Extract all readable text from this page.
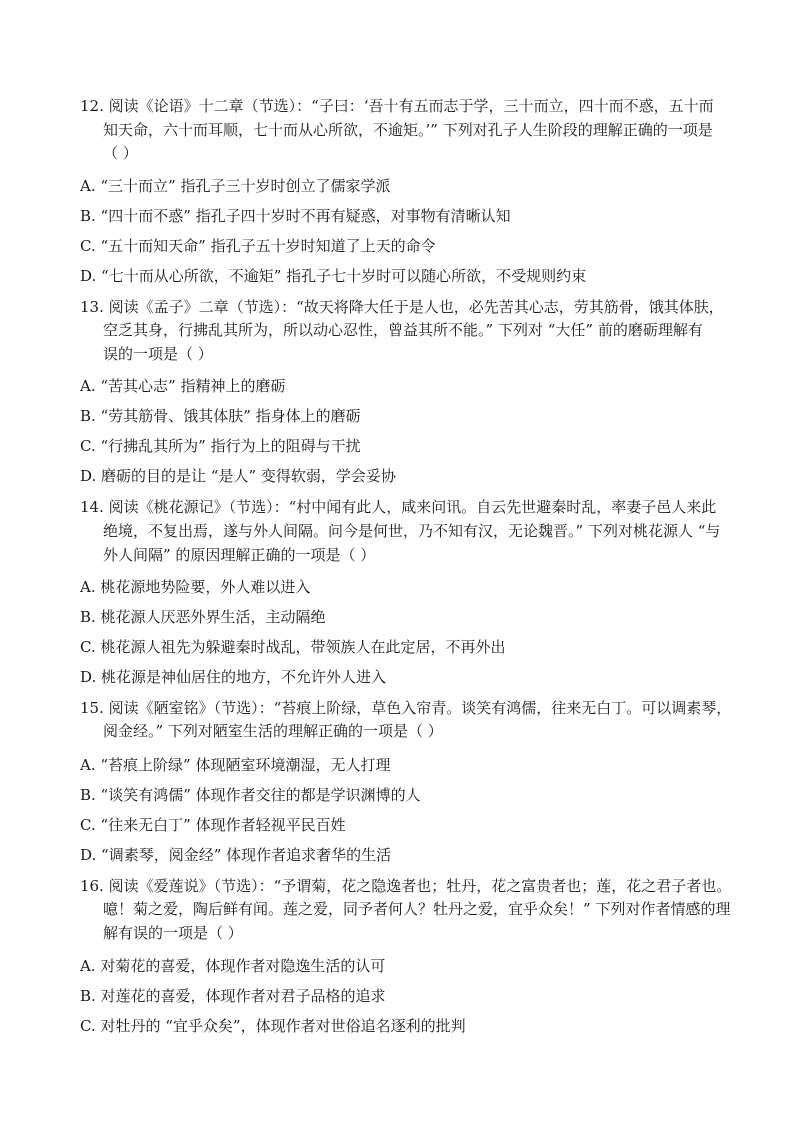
12. 阅读《论语》十二章（节选）：“子曰：‘吾十有五而志于学，三十而立，四十而不惑，五十而
知天命，六十而耳顺，七十而从心所欲，不逾矩。’” 下列对孔子人生阶段的理解正确的一项是
（ ）
A. “三十而立” 指孔子三十岁时创立了儒家学派
B. “四十而不惑” 指孔子四十岁时不再有疑惑，对事物有清晰认知
C. “五十而知天命” 指孔子五十岁时知道了上天的命令
D. “七十而从心所欲，不逾矩” 指孔子七十岁时可以随心所欲，不受规则约束
13. 阅读《孟子》二章（节选）：“故天将降大任于是人也，必先苦其心志，劳其筋骨，饿其体肤，
空乏其身，行拂乱其所为，所以动心忍性，曾益其所不能。” 下列对 “大任” 前的磨砺理解有
误的一项是（ ）
A. “苦其心志” 指精神上的磨砺
B. “劳其筋骨、饿其体肤” 指身体上的磨砺
C. “行拂乱其所为” 指行为上的阻碍与干扰
D. 磨砺的目的是让 “是人” 变得软弱，学会妥协
14. 阅读《桃花源记》（节选）：“村中闻有此人，咸来问讯。自云先世避秦时乱，率妻子邑人来此
绝境，不复出焉，遂与外人间隔。问今是何世，乃不知有汉，无论魏晋。” 下列对桃花源人 “与
外人间隔” 的原因理解正确的一项是（ ）
A. 桃花源地势险要，外人难以进入
B. 桃花源人厌恶外界生活，主动隔绝
C. 桃花源人祖先为躲避秦时战乱，带领族人在此定居，不再外出
D. 桃花源是神仙居住的地方，不允许外人进入
15. 阅读《陋室铭》（节选）：“苔痕上阶绿，草色入帘青。谈笑有鸿儒，往来无白丁。可以调素琴，
阅金经。” 下列对陋室生活的理解正确的一项是（ ）
A. “苔痕上阶绿” 体现陋室环境潮湿，无人打理
B. “谈笑有鸿儒” 体现作者交往的都是学识渊博的人
C. “往来无白丁” 体现作者轻视平民百姓
D. “调素琴，阅金经” 体现作者追求奢华的生活
16. 阅读《爱莲说》（节选）：“予谓菊，花之隐逸者也；牡丹，花之富贵者也；莲，花之君子者也。
噫！菊之爱，陶后鲜有闻。莲之爱，同予者何人？牡丹之爱，宜乎众矣！” 下列对作者情感的理
解有误的一项是（ ）
A. 对菊花的喜爱，体现作者对隐逸生活的认可
B. 对莲花的喜爱，体现作者对君子品格的追求
C. 对牡丹的 “宜乎众矣”，体现作者对世俗追名逐利的批判
